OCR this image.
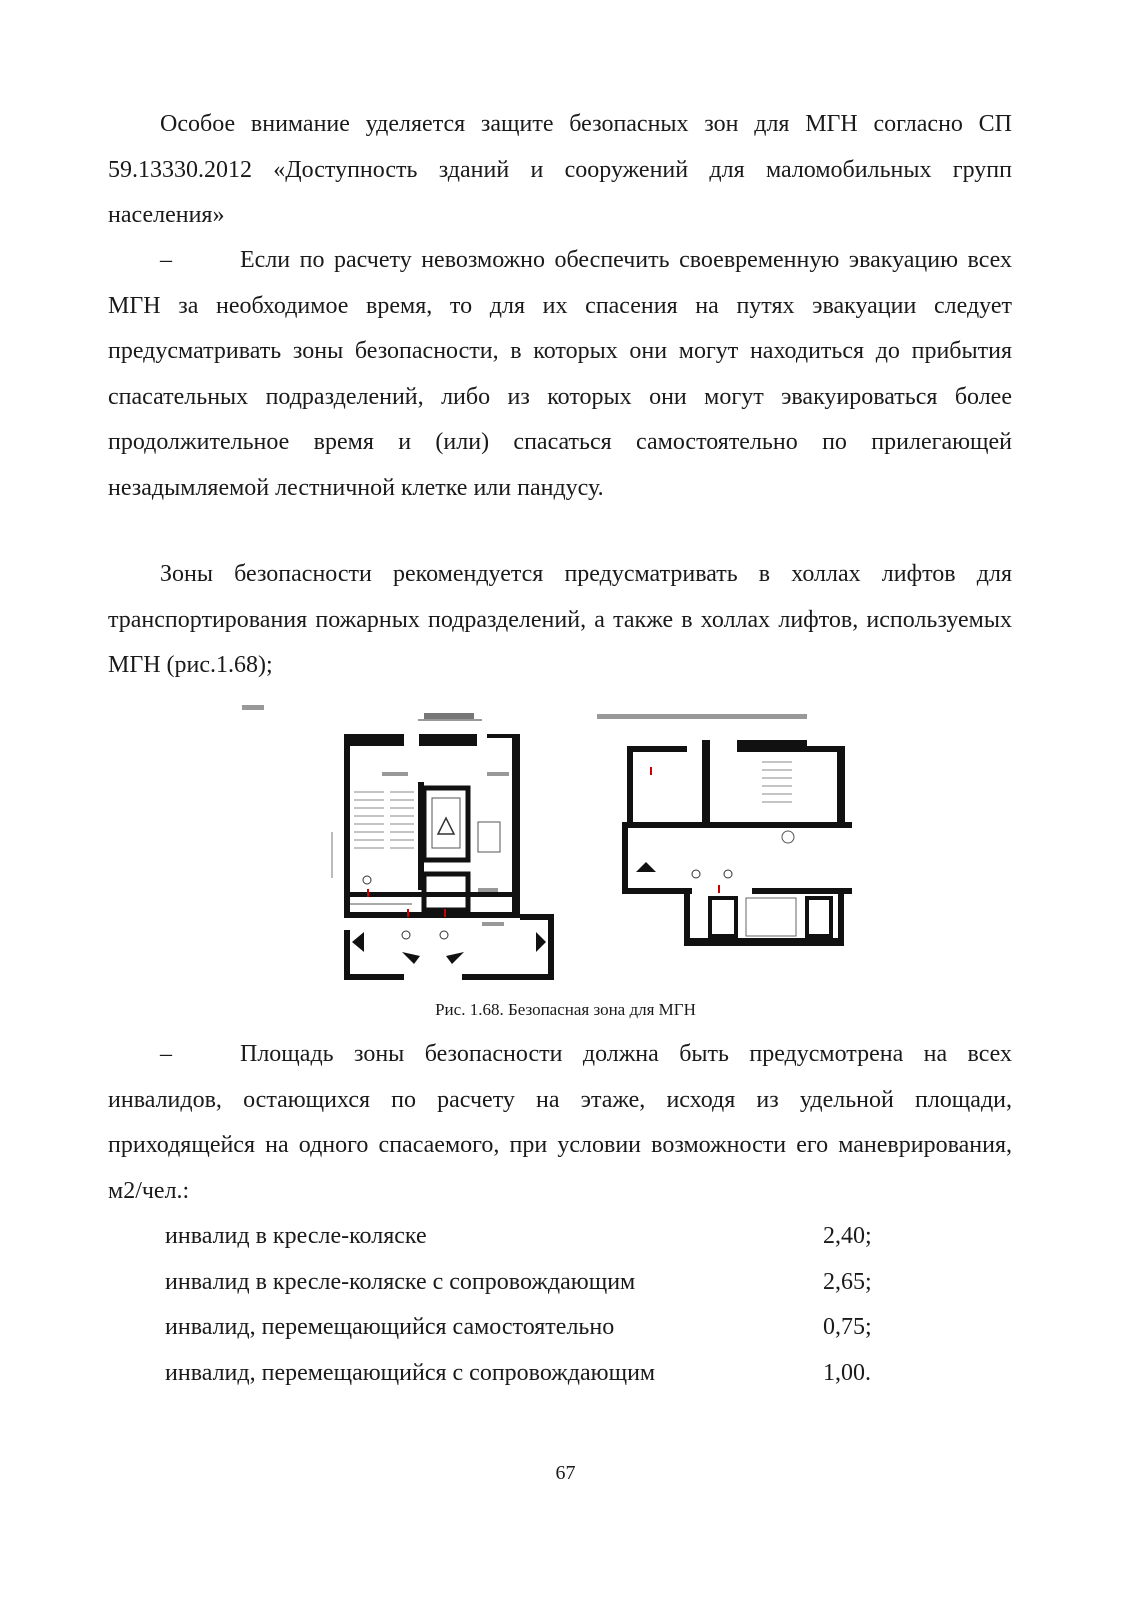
Особое внимание уделяется защите безопасных зон для МГН согласно СП 59.13330.2012 «Доступность зданий и сооружений для маломобильных групп населения»

–	Если по расчету невозможно обеспечить своевременную эвакуацию всех МГН за необходимое время, то для их спасения на путях эвакуации следует предусматривать зоны безопасности, в которых они могут находиться до прибытия спасательных подразделений, либо из которых они могут эвакуироваться более продолжительное время и (или) спасаться самостоятельно по прилегающей незадымляемой лестничной клетке или пандусу.

Зоны безопасности рекомендуется предусматривать в холлах лифтов для транспортирования пожарных подразделений, а также в холлах лифтов, используемых МГН (рис.1.68);

Рис. 1.68. Безопасная зона для МГН

–	Площадь зоны безопасности должна быть предусмотрена на всех инвалидов, остающихся по расчету на этаже, исходя из удельной площади, приходящейся на одного спасаемого, при условии возможности его маневрирования, м2/чел.:

инвалид в кресле-коляске	2,40;
инвалид в кресле-коляске с сопровождающим	2,65;
инвалид, перемещающийся самостоятельно	0,75;
инвалид, перемещающийся с сопровождающим	1,00.
67
